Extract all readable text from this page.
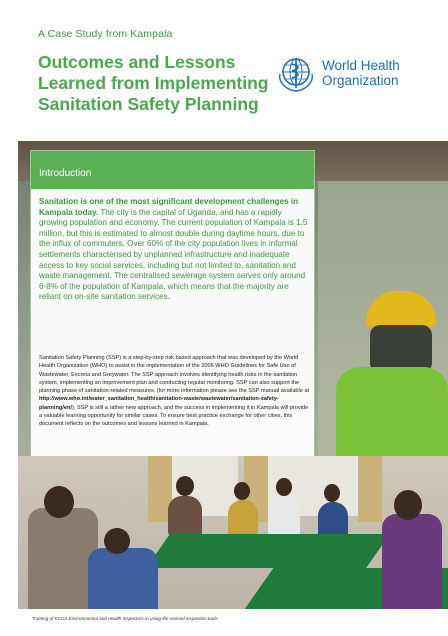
A Case Study from Kampala
Outcomes and Lessons Learned from Implementing Sanitation Safety Planning
World Health
Organization
Introduction

Sanitation is one of the most significant development challenges in Kampala today. The city is the capital of Uganda, and has a rapidly growing population and economy. The current population of Kampala is 1.5 million, but this is estimated to almost double during daytime hours, due to the influx of commuters. Over 60% of the city population lives in informal settlements characterised by unplanned infrastructure and inadequate access to key social services, including but not limited to, sanitation and waste management. The centralised sewerage system serves only around 6-8% of the population of Kampala, which means that the majority are reliant on on-site sanitation services.

Sanitation Safety Planning (SSP) is a step-by-step risk based approach that was developed by the World Health Organization (WHO) to assist in the implementation of the 2006 WHO Guidelines for Safe Use of Wastewater, Excreta and Greywater. The SSP approach involves identifying health risks in the sanitation system, implementing an improvement plan and conducting regular monitoring. SSP can also support the planning phase of sanitation-related measures. (for more information please see the SSP manual available at http://www.who.int/water_sanitation_health/sanitation-waste/wastewater/sanitation-safety-planning/en/). SSP is still a rather new approach, and the success in implementing it in Kampala will provide a valuable learning opportunity for similar cases. To ensure best practice exchange for other cities, this document reflects on the outcomes and lessons learned in Kampala.

Training of KCCA Environmental and Health Inspectors in using the revised inspection tools
